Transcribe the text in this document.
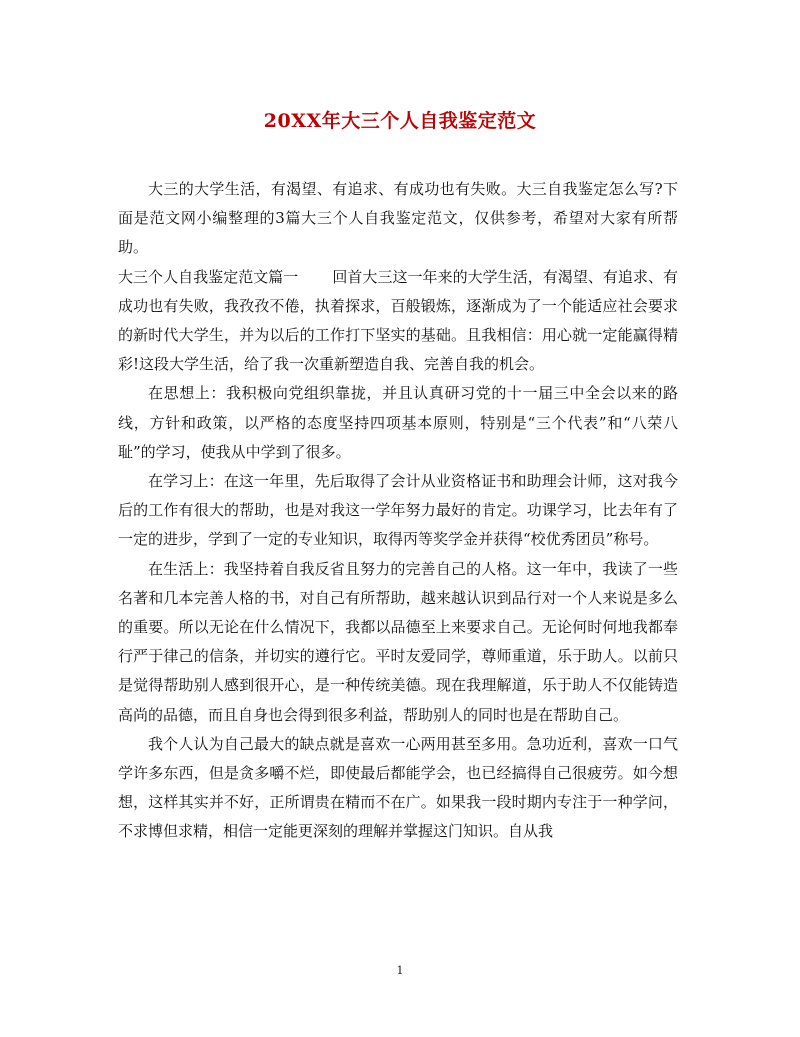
20XX年大三个人自我鉴定范文

大三的大学生活，有渴望、有追求、有成功也有失败。大三自我鉴定怎么写?下面是范文网小编整理的3篇大三个人自我鉴定范文，仅供参考，希望对大家有所帮助。

大三个人自我鉴定范文篇一 回首大三这一年来的大学生活，有渴望、有追求、有成功也有失败，我孜孜不倦，执着探求，百般锻炼，逐渐成为了一个能适应社会要求的新时代大学生，并为以后的工作打下坚实的基础。且我相信：用心就一定能赢得精彩!这段大学生活，给了我一次重新塑造自我、完善自我的机会。

在思想上：我积极向党组织靠拢，并且认真研习党的十一届三中全会以来的路线，方针和政策，以严格的态度坚持四项基本原则，特别是“三个代表”和“八荣八耻”的学习，使我从中学到了很多。

在学习上：在这一年里，先后取得了会计从业资格证书和助理会计师，这对我今后的工作有很大的帮助，也是对我这一学年努力最好的肯定。功课学习，比去年有了一定的进步，学到了一定的专业知识，取得丙等奖学金并获得“校优秀团员”称号。

在生活上：我坚持着自我反省且努力的完善自己的人格。这一年中，我读了一些名著和几本完善人格的书，对自己有所帮助，越来越认识到品行对一个人来说是多么的重要。所以无论在什么情况下，我都以品德至上来要求自己。无论何时何地我都奉行严于律己的信条，并切实的遵行它。平时友爱同学，尊师重道，乐于助人。以前只是觉得帮助别人感到很开心，是一种传统美德。现在我理解道，乐于助人不仅能铸造高尚的品德，而且自身也会得到很多利益，帮助别人的同时也是在帮助自己。

我个人认为自己最大的缺点就是喜欢一心两用甚至多用。急功近利，喜欢一口气学许多东西，但是贪多嚼不烂，即使最后都能学会，也已经搞得自己很疲劳。如今想想，这样其实并不好，正所谓贵在精而不在广。如果我一段时期内专注于一种学问，不求博但求精，相信一定能更深刻的理解并掌握这门知识。自从我

1
